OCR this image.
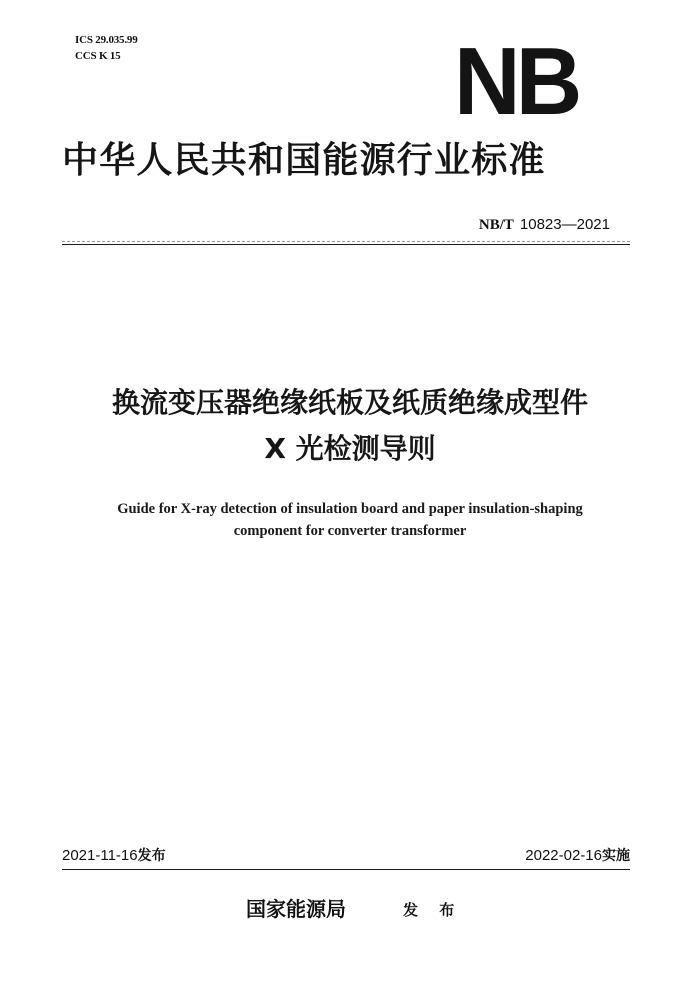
ICS 29.035.99
CCS K 15	NB
中华人民共和国能源行业标准
NB/T 10823—2021
换流变压器绝缘纸板及纸质绝缘成型件
X 光检测导则
Guide for X-ray detection of insulation board and paper insulation-shaping
component for converter transformer
2021-11-16发布	2022-02-16实施
国家能源局	发 布
